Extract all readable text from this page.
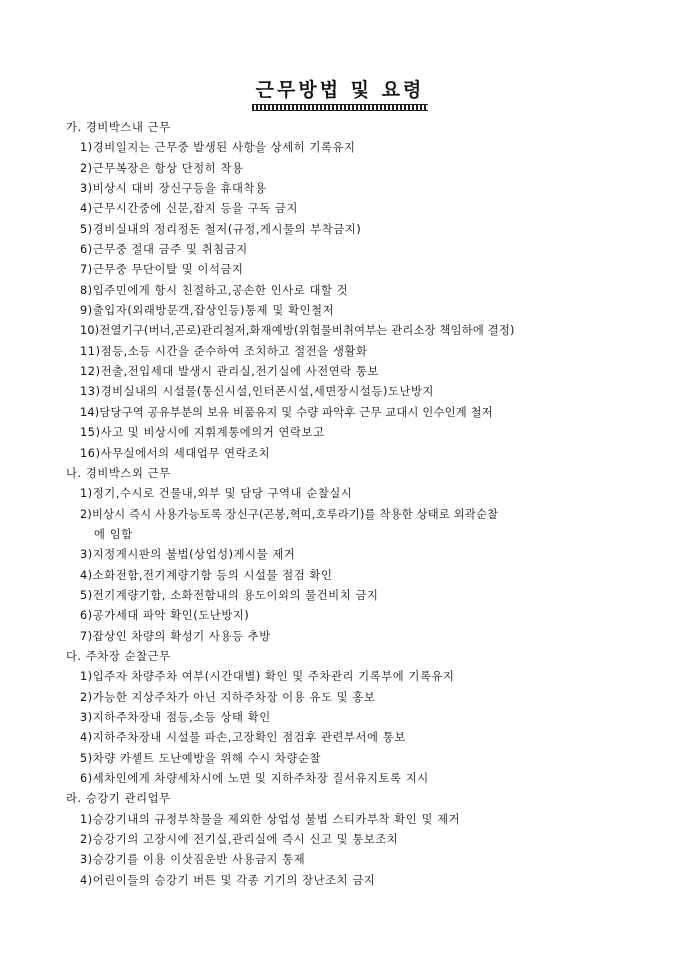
근무방법 및 요령
가. 경비박스내 근무
1)경비일지는 근무중 발생된 사항을 상세히 기록유지
2)근무복장은 항상 단정히 착용
3)비상시 대비 장신구등을 휴대착용
4)근무시간중에 신문,잡지 등을 구독 금지
5)경비실내의 정리정돈 철저(규정,게시물의 부착금지)
6)근무중 절대 금주 및 취침금지
7)근무중 무단이탈 및 이석금지
8)입주민에게 항시 친절하고,공손한 인사로 대할 것
9)출입자(외래방문객,잡상인등)통제 및 확인철저
10)전열기구(버너,곤로)관리철저,화재예방(위험물비취여부는 관리소장 책임하에 결정)
11)점등,소등 시간을 준수하여 조치하고 절전을 생활화
12)전출,전입세대 발생시 관리실,전기실에 사전연락 통보
13)경비실내의 시설물(통신시설,인터폰시설,세면장시설등)도난방지
14)담당구역 공유부분의 보유 비품유지 및 수량 파악후 근무 교대시 인수인계 철저
15)사고 및 비상시에 지휘계통에의거 연락보고
16)사무실에서의 세대업무 연락조치
나. 경비박스외 근무
1)정기,수시로 건물내,외부 및 담당 구역내 순찰실시
2)비상시 즉시 사용가능토록 장신구(곤봉,혁띠,호루라기)를 착용한 상태로 외곽순찰
에 임함
3)지정게시판의 불법(상업성)게시물 제거
4)소화전함,전기계량기함 등의 시설물 점검 확인
5)전기계량기함, 소화전함내의 용도이외의 물건비치 금지
6)공가세대 파악 확인(도난방지)
7)잡상인 차량의 확성기 사용등 추방
다. 주차장 순찰근무
1)입주자 차량주차 여부(시간대별) 확인 및 주차관리 기록부에 기록유지
2)가능한 지상주차가 아닌 지하주차장 이용 유도 및 홍보
3)지하주차장내 점등,소등 상태 확인
4)지하주차장내 시설물 파손,고장확인 점검후 관련부서에 통보
5)차량 카셑트 도난예방을 위해 수시 차량순찰
6)세차인에게 차량세차시에 노면 및 지하주차장 질서유지토록 지시
라. 승강기 관리업무
1)승강기내의 규정부착물을 제외한 상업성 불법 스티카부착 확인 및 제거
2)승강기의 고장시에 전기실,관리실에 즉시 신고 및 통보조치
3)승강기를 이용 이삿짐운반 사용금지 통제
4)어린이들의 승강기 버튼 및 각종 기기의 장난조치 금지
